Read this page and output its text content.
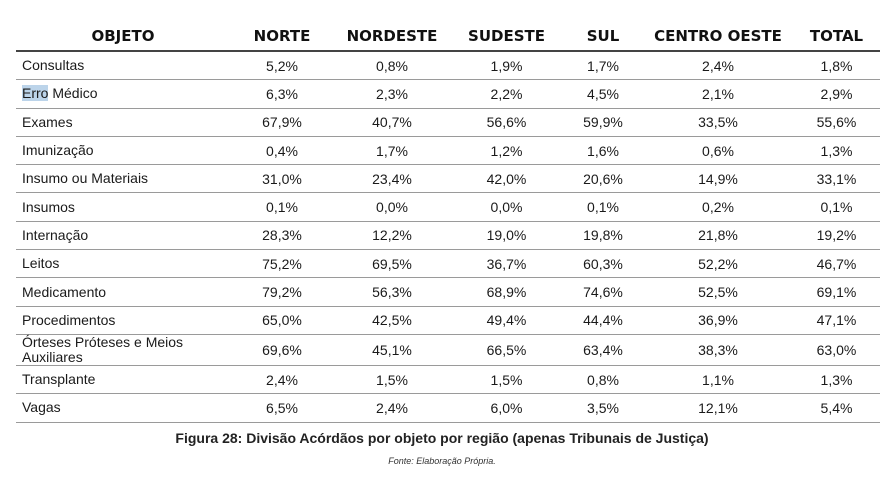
OBJETO	NORTE	NORDESTE	SUDESTE	SUL	CENTRO OESTE	TOTAL
Consultas	5,2%	0,8%	1,9%	1,7%	2,4%	1,8%
Erro Médico	6,3%	2,3%	2,2%	4,5%	2,1%	2,9%
Exames	67,9%	40,7%	56,6%	59,9%	33,5%	55,6%
Imunização	0,4%	1,7%	1,2%	1,6%	0,6%	1,3%
Insumo ou Materiais	31,0%	23,4%	42,0%	20,6%	14,9%	33,1%
Insumos	0,1%	0,0%	0,0%	0,1%	0,2%	0,1%
Internação	28,3%	12,2%	19,0%	19,8%	21,8%	19,2%
Leitos	75,2%	69,5%	36,7%	60,3%	52,2%	46,7%
Medicamento	79,2%	56,3%	68,9%	74,6%	52,5%	69,1%
Procedimentos	65,0%	42,5%	49,4%	44,4%	36,9%	47,1%
Órteses Próteses e Meios Auxiliares	69,6%	45,1%	66,5%	63,4%	38,3%	63,0%
Transplante	2,4%	1,5%	1,5%	0,8%	1,1%	1,3%
Vagas	6,5%	2,4%	6,0%	3,5%	12,1%	5,4%
Figura 28: Divisão Acórdãos por objeto por região (apenas Tribunais de Justiça)
Fonte: Elaboração Própria.
